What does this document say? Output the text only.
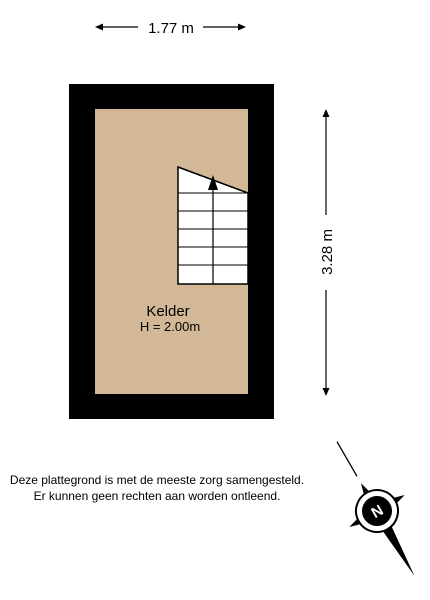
1.77 m
3.28 m
Kelder
H = 2.00m
N
Deze plattegrond is met de meeste zorg samengesteld.
Er kunnen geen rechten aan worden ontleend.
